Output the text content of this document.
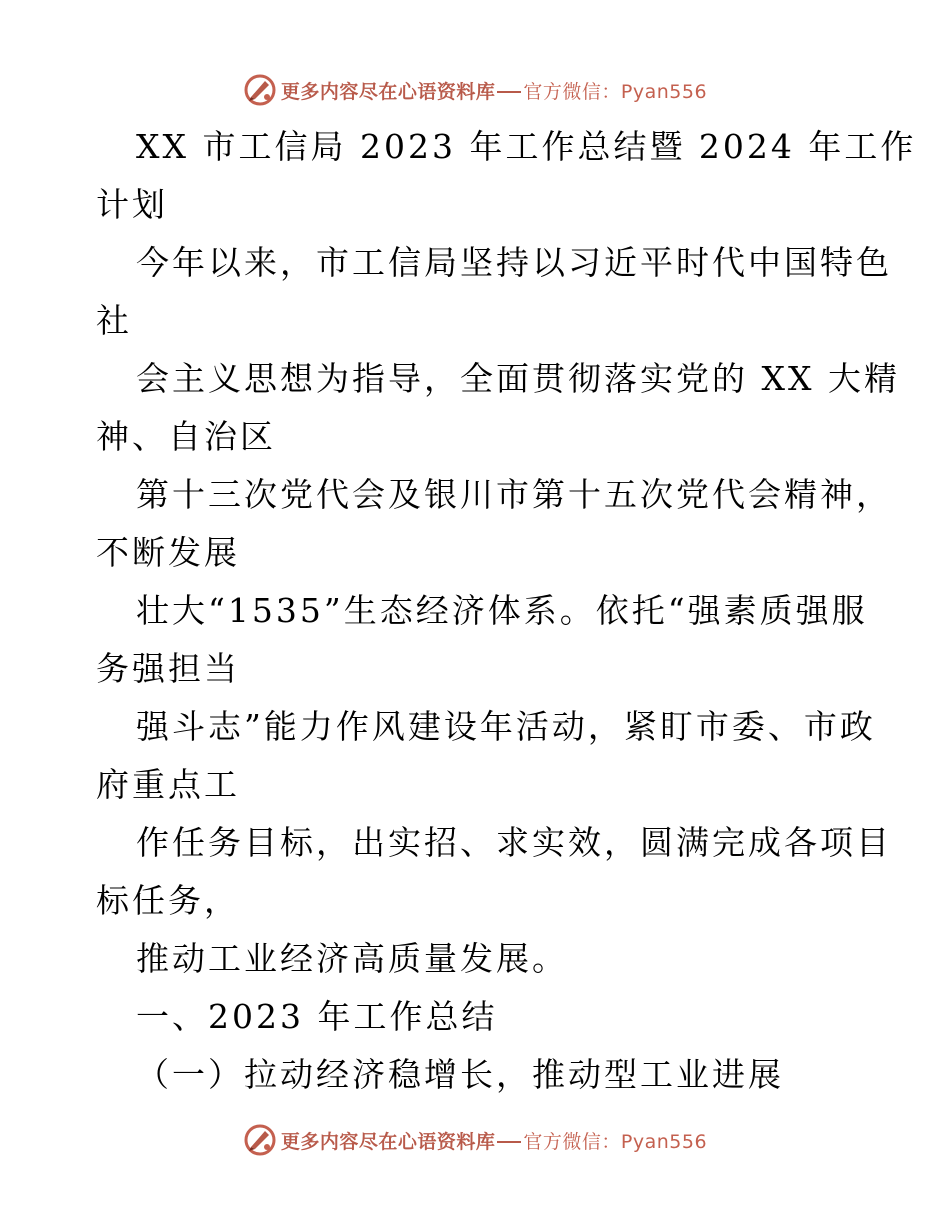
更多内容尽在心语资料库 官方微信：Pyan556
XX 市工信局 2023 年工作总结暨 2024 年工作
计划
今年以来，市工信局坚持以习近平时代中国特色
社
会主义思想为指导，全面贯彻落实党的 XX 大精
神、自治区
第十三次党代会及银川市第十五次党代会精神，
不断发展
壮大“1535”生态经济体系。依托“强素质强服
务强担当
强斗志”能力作风建设年活动，紧盯市委、市政
府重点工
作任务目标，出实招、求实效，圆满完成各项目
标任务，
推动工业经济高质量发展。
一、2023 年工作总结
（一）拉动经济稳增长，推动型工业进展
更多内容尽在心语资料库 官方微信：Pyan556
